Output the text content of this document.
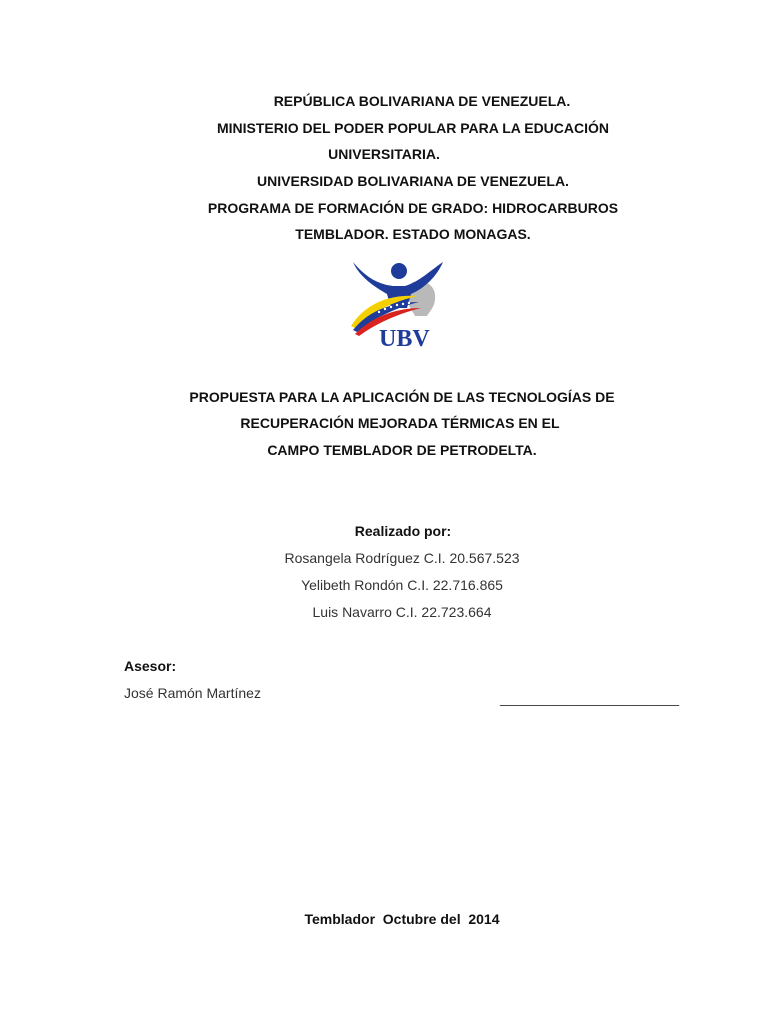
REPÚBLICA BOLIVARIANA DE VENEZUELA.
MINISTERIO DEL PODER POPULAR PARA LA EDUCACIÓN
UNIVERSITARIA.
UNIVERSIDAD BOLIVARIANA DE VENEZUELA.
PROGRAMA DE FORMACIÓN DE GRADO: HIDROCARBUROS
TEMBLADOR. ESTADO MONAGAS.
UBV
PROPUESTA PARA LA APLICACIÓN DE LAS TECNOLOGÍAS DE
RECUPERACIÓN MEJORADA TÉRMICAS EN EL
CAMPO TEMBLADOR DE PETRODELTA.
Realizado por:
Rosangela Rodríguez C.I. 20.567.523
Yelibeth Rondón C.I. 22.716.865
Luis Navarro C.I. 22.723.664
Asesor:
José Ramón Martínez	_______________________
Temblador  Octubre del  2014
